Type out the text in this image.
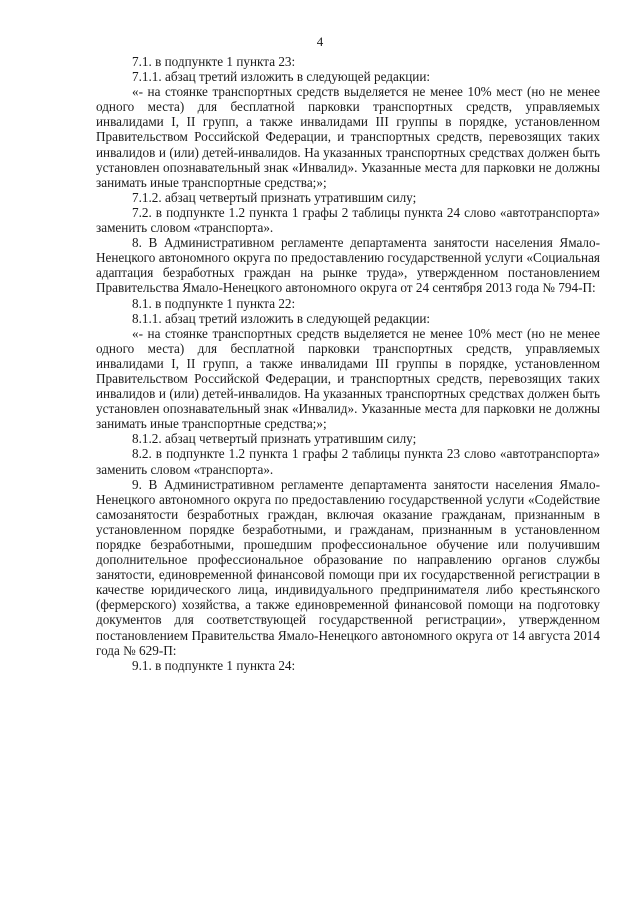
4

7.1. в подпункте 1 пункта 23:

7.1.1. абзац третий изложить в следующей редакции:

«- на стоянке транспортных средств выделяется не менее 10% мест (но не менее одного места) для бесплатной парковки транспортных средств, управляемых инвалидами I, II групп, а также инвалидами III группы в порядке, установленном Правительством Российской Федерации, и транспортных средств, перевозящих таких инвалидов и (или) детей-инвалидов. На указанных транспортных средствах должен быть установлен опознавательный знак «Инвалид». Указанные места для парковки не должны занимать иные транспортные средства;»;

7.1.2. абзац четвертый признать утратившим силу;

7.2. в подпункте 1.2 пункта 1 графы 2 таблицы пункта 24 слово «автотранспорта» заменить словом «транспорта».

8. В Административном регламенте департамента занятости населения Ямало-Ненецкого автономного округа по предоставлению государственной услуги «Социальная адаптация безработных граждан на рынке труда», утвержденном постановлением Правительства Ямало-Ненецкого автономного округа от 24 сентября 2013 года № 794-П:

8.1. в подпункте 1 пункта 22:

8.1.1. абзац третий изложить в следующей редакции:

«- на стоянке транспортных средств выделяется не менее 10% мест (но не менее одного места) для бесплатной парковки транспортных средств, управляемых инвалидами I, II групп, а также инвалидами III группы в порядке, установленном Правительством Российской Федерации, и транспортных средств, перевозящих таких инвалидов и (или) детей-инвалидов. На указанных транспортных средствах должен быть установлен опознавательный знак «Инвалид». Указанные места для парковки не должны занимать иные транспортные средства;»;

8.1.2. абзац четвертый признать утратившим силу;

8.2. в подпункте 1.2 пункта 1 графы 2 таблицы пункта 23 слово «автотранспорта» заменить словом «транспорта».

9. В Административном регламенте департамента занятости населения Ямало-Ненецкого автономного округа по предоставлению государственной услуги «Содействие самозанятости безработных граждан, включая оказание гражданам, признанным в установленном порядке безработными, и гражданам, признанным в установленном порядке безработными, прошедшим профессиональное обучение или получившим дополнительное профессиональное образование по направлению органов службы занятости, единовременной финансовой помощи при их государственной регистрации в качестве юридического лица, индивидуального предпринимателя либо крестьянского (фермерского) хозяйства, а также единовременной финансовой помощи на подготовку документов для соответствующей государственной регистрации», утвержденном постановлением Правительства Ямало-Ненецкого автономного округа от 14 августа 2014 года № 629-П:

9.1. в подпункте 1 пункта 24:
